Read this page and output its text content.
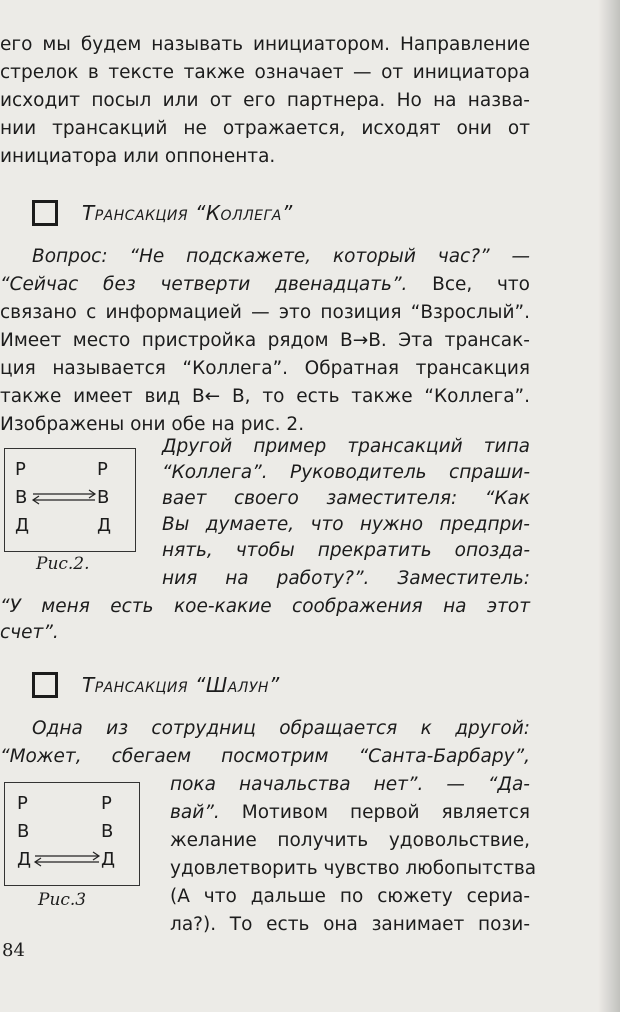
его мы будем называть инициатором. Направление
стрелок в тексте также означает — от инициатора
исходит посыл или от его партнера. Но на назва-
нии трансакций не отражается, исходят они от
инициатора или оппонента.
Трансакция “Коллега”
Вопрос: “Не подскажете, который час?” —
“Сейчас без четверти двенадцать”. Все, что
связано с информацией — это позиция “Взрослый”.
Имеет место пристройка рядом В→В. Эта трансак-
ция называется “Коллега”. Обратная трансакция
также имеет вид В← В, то есть также “Коллега”.
Изображены они обе на рис. 2.
Р	Р
В	В
Д	Д
Рис.2.
Другой пример трансакций типа
“Коллега”. Руководитель спраши-
вает своего заместителя: “Как
Вы думаете, что нужно предпри-
нять, чтобы прекратить опозда-
ния на работу?”. Заместитель:
“У меня есть кое-какие соображения на этот
счет”.
Трансакция “Шалун”
Одна из сотрудниц обращается к другой:
“Может, сбегаем посмотрим “Санта-Барбару”,
Р	Р
В	В
Д	Д
Рис.3
пока начальства нет”. — “Да-
вай”. Мотивом первой является
желание получить удовольствие,
удовлетворить чувство любопытства
(А что дальше по сюжету сериа-
ла?). То есть она занимает пози-
84
